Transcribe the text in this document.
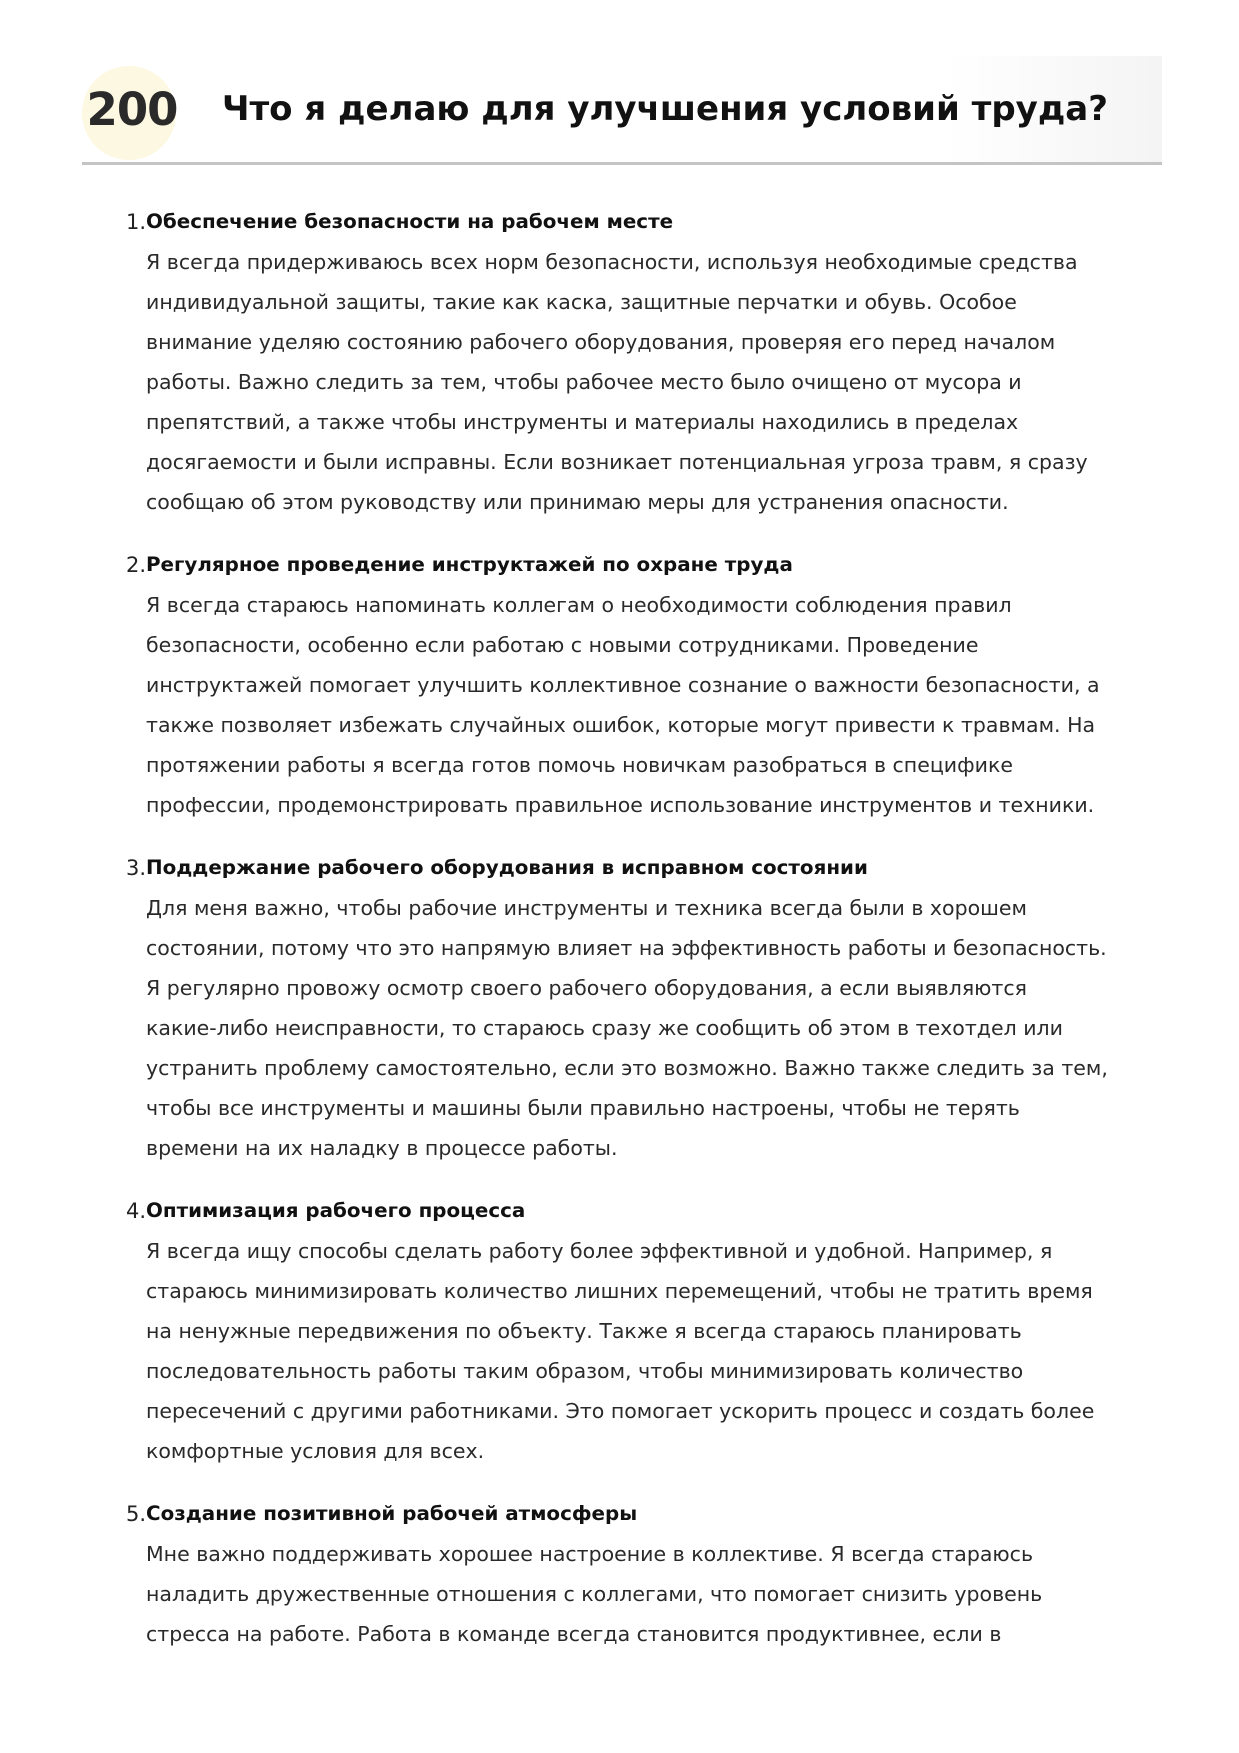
200 Что я делаю для улучшения условий труда?
1. Обеспечение безопасности на рабочем месте
Я всегда придерживаюсь всех норм безопасности, используя необходимые средства
индивидуальной защиты, такие как каска, защитные перчатки и обувь. Особое
внимание уделяю состоянию рабочего оборудования, проверяя его перед началом
работы. Важно следить за тем, чтобы рабочее место было очищено от мусора и
препятствий, а также чтобы инструменты и материалы находились в пределах
досягаемости и были исправны. Если возникает потенциальная угроза травм, я сразу
сообщаю об этом руководству или принимаю меры для устранения опасности.
2. Регулярное проведение инструктажей по охране труда
Я всегда стараюсь напоминать коллегам о необходимости соблюдения правил
безопасности, особенно если работаю с новыми сотрудниками. Проведение
инструктажей помогает улучшить коллективное сознание о важности безопасности, а
также позволяет избежать случайных ошибок, которые могут привести к травмам. На
протяжении работы я всегда готов помочь новичкам разобраться в специфике
профессии, продемонстрировать правильное использование инструментов и техники.
3. Поддержание рабочего оборудования в исправном состоянии
Для меня важно, чтобы рабочие инструменты и техника всегда были в хорошем
состоянии, потому что это напрямую влияет на эффективность работы и безопасность.
Я регулярно провожу осмотр своего рабочего оборудования, а если выявляются
какие-либо неисправности, то стараюсь сразу же сообщить об этом в техотдел или
устранить проблему самостоятельно, если это возможно. Важно также следить за тем,
чтобы все инструменты и машины были правильно настроены, чтобы не терять
времени на их наладку в процессе работы.
4. Оптимизация рабочего процесса
Я всегда ищу способы сделать работу более эффективной и удобной. Например, я
стараюсь минимизировать количество лишних перемещений, чтобы не тратить время
на ненужные передвижения по объекту. Также я всегда стараюсь планировать
последовательность работы таким образом, чтобы минимизировать количество
пересечений с другими работниками. Это помогает ускорить процесс и создать более
комфортные условия для всех.
5. Создание позитивной рабочей атмосферы
Мне важно поддерживать хорошее настроение в коллективе. Я всегда стараюсь
наладить дружественные отношения с коллегами, что помогает снизить уровень
стресса на работе. Работа в команде всегда становится продуктивнее, если в
